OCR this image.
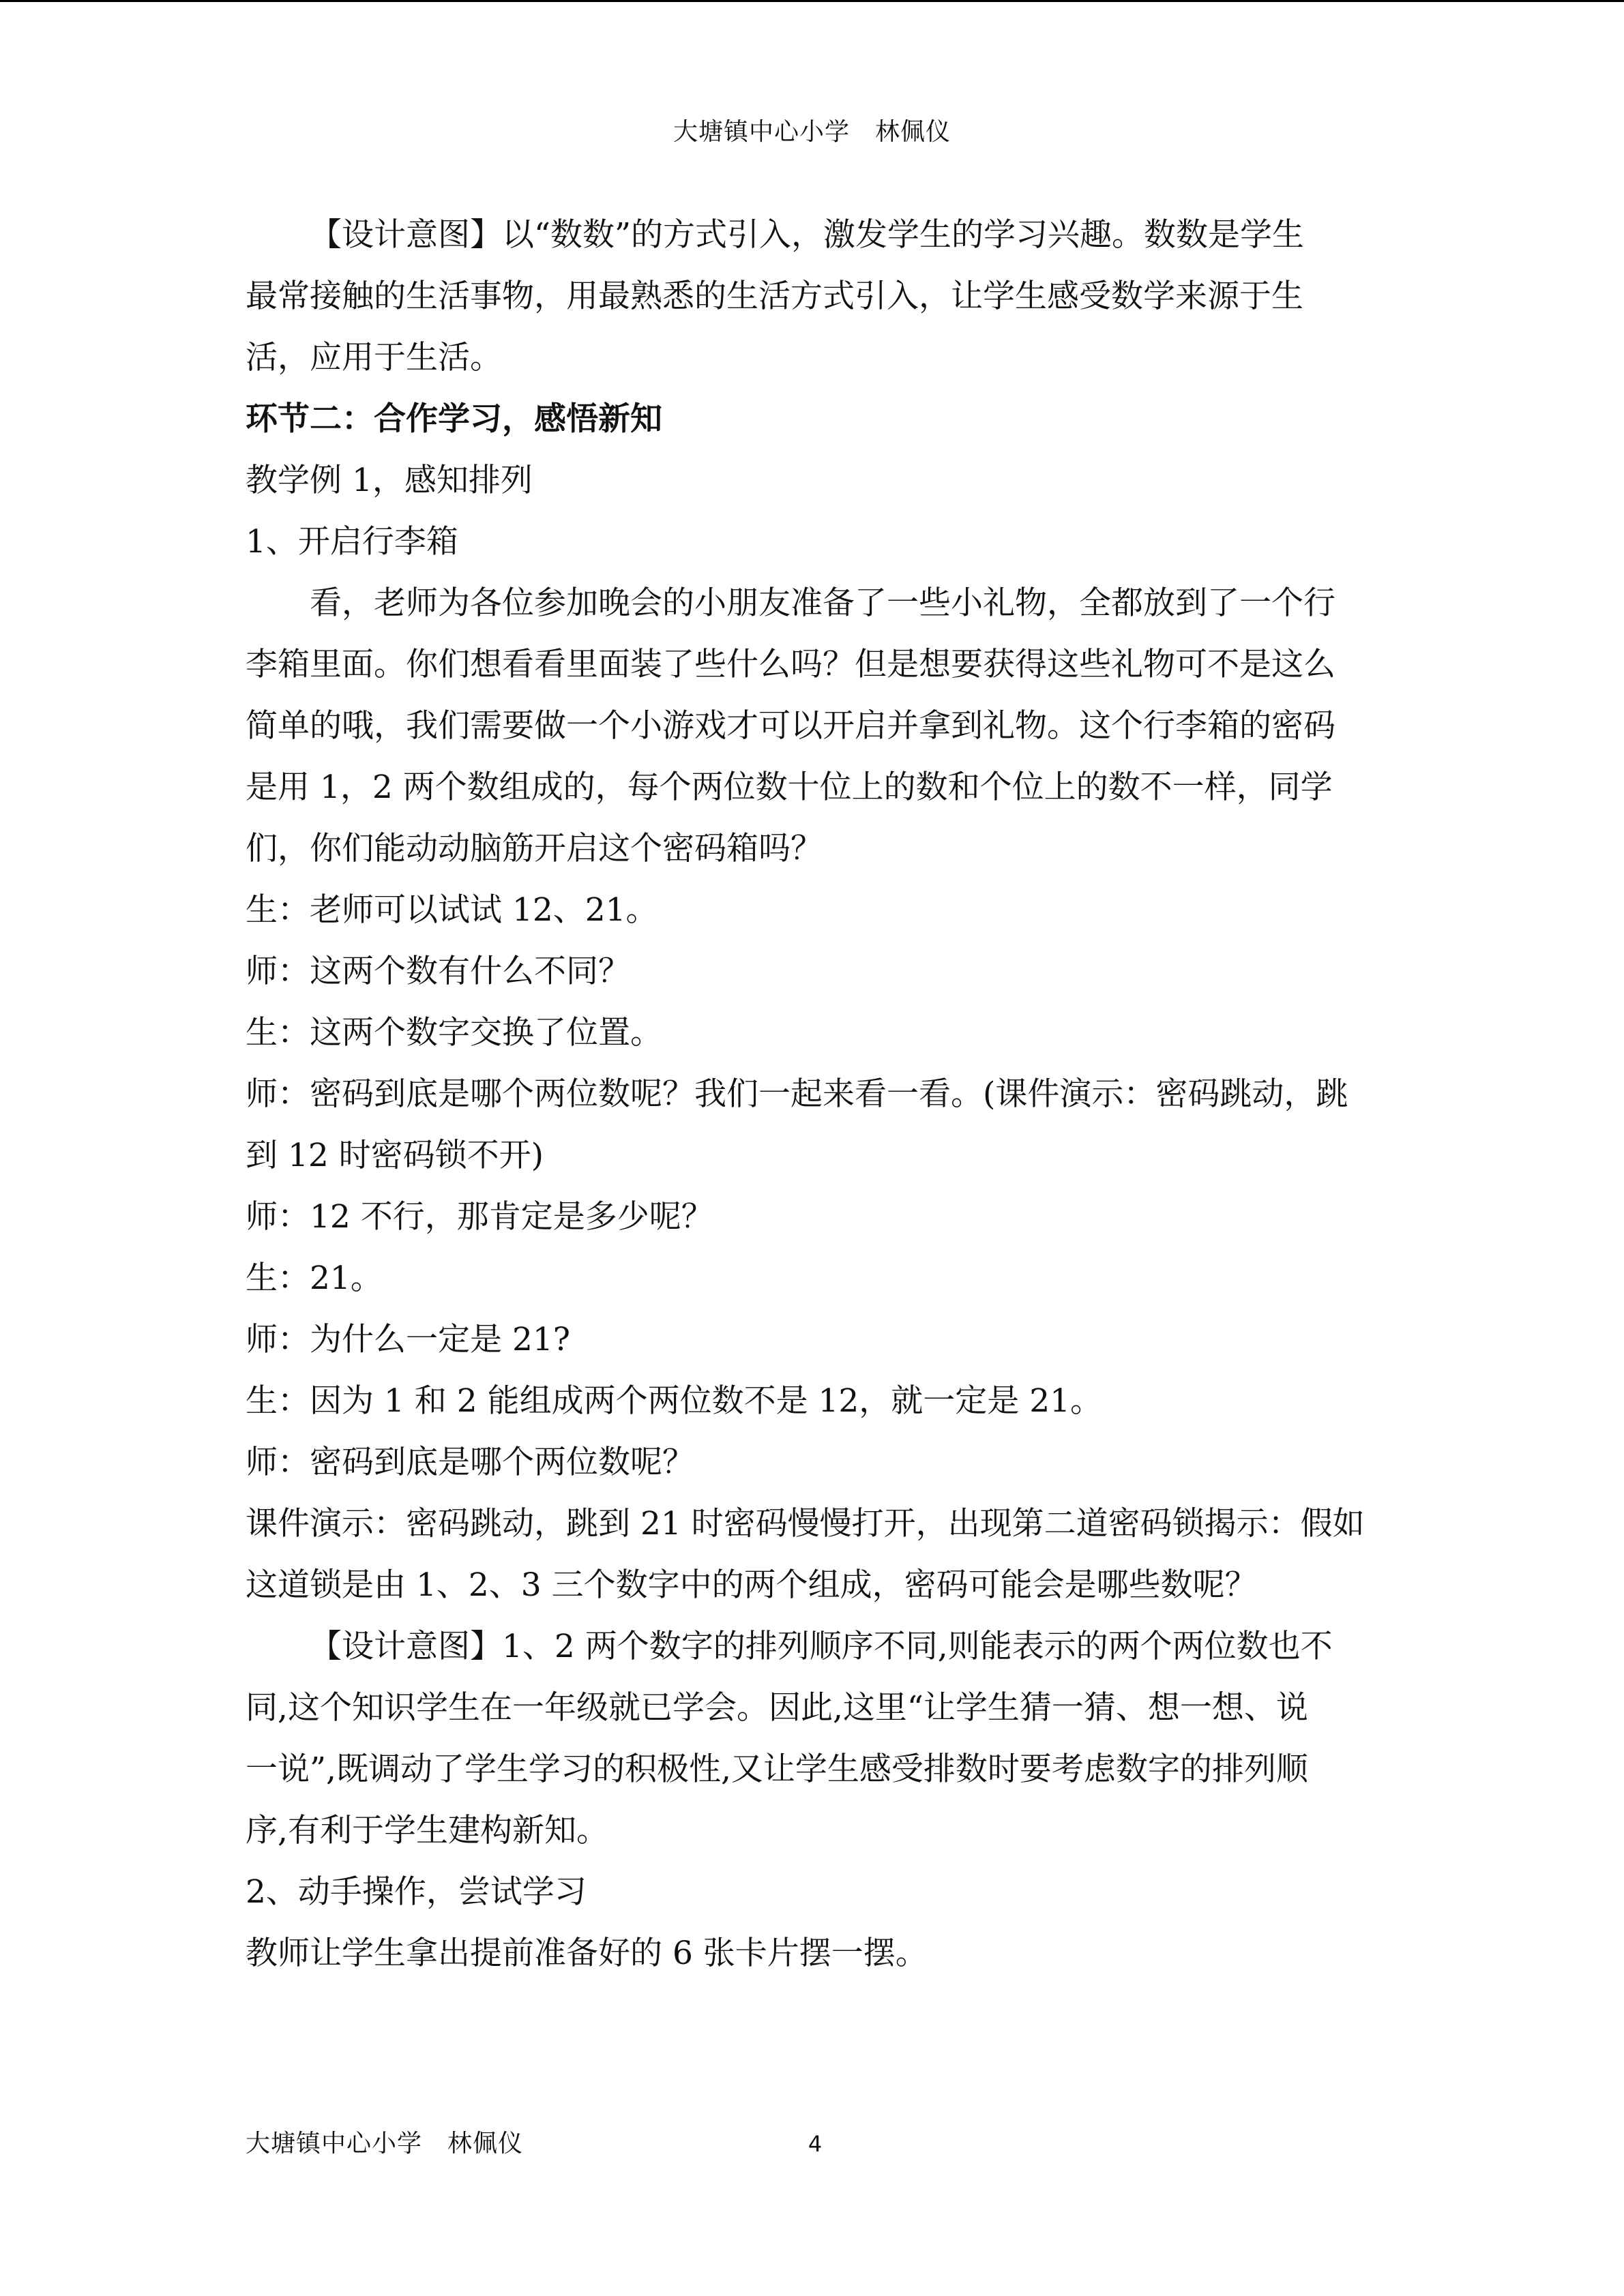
大塘镇中心小学　林佩仪
【设计意图】以“数数”的方式引入，激发学生的学习兴趣。数数是学生
最常接触的生活事物，用最熟悉的生活方式引入，让学生感受数学来源于生
活，应用于生活。
环节二：合作学习，感悟新知
教学例 1，感知排列
1、开启行李箱
看，老师为各位参加晚会的小朋友准备了一些小礼物，全都放到了一个行
李箱里面。你们想看看里面装了些什么吗？但是想要获得这些礼物可不是这么
简单的哦，我们需要做一个小游戏才可以开启并拿到礼物。这个行李箱的密码
是用 1，2 两个数组成的，每个两位数十位上的数和个位上的数不一样，同学
们，你们能动动脑筋开启这个密码箱吗？
生：老师可以试试 12、21。
师：这两个数有什么不同？
生：这两个数字交换了位置。
师：密码到底是哪个两位数呢？我们一起来看一看。(课件演示：密码跳动，跳
到 12 时密码锁不开)
师：12 不行，那肯定是多少呢？
生：21。
师：为什么一定是 21?
生：因为 1 和 2 能组成两个两位数不是 12，就一定是 21。
师：密码到底是哪个两位数呢？
课件演示：密码跳动，跳到 21 时密码慢慢打开，出现第二道密码锁揭示：假如
这道锁是由 1、2、3 三个数字中的两个组成，密码可能会是哪些数呢？
【设计意图】1、2 两个数字的排列顺序不同,则能表示的两个两位数也不
同,这个知识学生在一年级就已学会。因此,这里“让学生猜一猜、想一想、说
一说”,既调动了学生学习的积极性,又让学生感受排数时要考虑数字的排列顺
序,有利于学生建构新知。
2、动手操作，尝试学习
教师让学生拿出提前准备好的 6 张卡片摆一摆。
大塘镇中心小学　林佩仪	4
